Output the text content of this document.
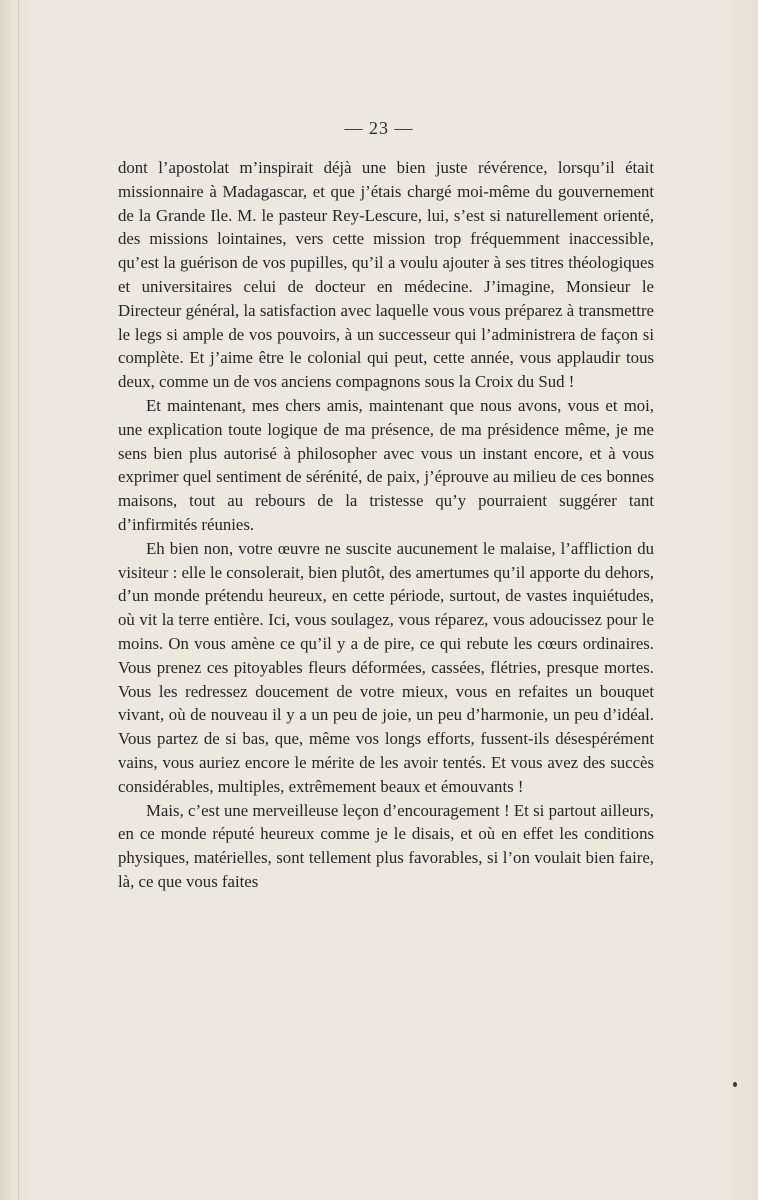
— 23 —

dont l’apostolat m’inspirait déjà une bien juste révérence, lorsqu’il était missionnaire à Madagascar, et que j’étais chargé moi-même du gouvernement de la Grande Ile. M. le pasteur Rey-Lescure, lui, s’est si naturellement orienté, des missions lointaines, vers cette mission trop fréquemment inaccessible, qu’est la guérison de vos pupilles, qu’il a voulu ajouter à ses titres théologiques et universitaires celui de docteur en médecine. J’imagine, Monsieur le Directeur général, la satisfaction avec laquelle vous vous préparez à transmettre le legs si ample de vos pouvoirs, à un successeur qui l’administrera de façon si complète. Et j’aime être le colonial qui peut, cette année, vous applaudir tous deux, comme un de vos anciens compagnons sous la Croix du Sud !

Et maintenant, mes chers amis, maintenant que nous avons, vous et moi, une explication toute logique de ma présence, de ma présidence même, je me sens bien plus autorisé à philosopher avec vous un instant encore, et à vous exprimer quel sentiment de sérénité, de paix, j’éprouve au milieu de ces bonnes maisons, tout au rebours de la tristesse qu’y pourraient suggérer tant d’infirmités réunies.

Eh bien non, votre œuvre ne suscite aucunement le malaise, l’affliction du visiteur : elle le consolerait, bien plutôt, des amertumes qu’il apporte du dehors, d’un monde prétendu heureux, en cette période, surtout, de vastes inquiétudes, où vit la terre entière. Ici, vous soulagez, vous réparez, vous adoucissez pour le moins. On vous amène ce qu’il y a de pire, ce qui rebute les cœurs ordinaires. Vous prenez ces pitoyables fleurs déformées, cassées, flétries, presque mortes. Vous les redressez doucement de votre mieux, vous en refaites un bouquet vivant, où de nouveau il y a un peu de joie, un peu d’harmonie, un peu d’idéal. Vous partez de si bas, que, même vos longs efforts, fussent-ils désespérément vains, vous auriez encore le mérite de les avoir tentés. Et vous avez des succès considérables, multiples, extrêmement beaux et émouvants !

Mais, c’est une merveilleuse leçon d’encouragement ! Et si partout ailleurs, en ce monde réputé heureux comme je le disais, et où en effet les conditions physiques, matérielles, sont tellement plus favorables, si l’on voulait bien faire, là, ce que vous faites
